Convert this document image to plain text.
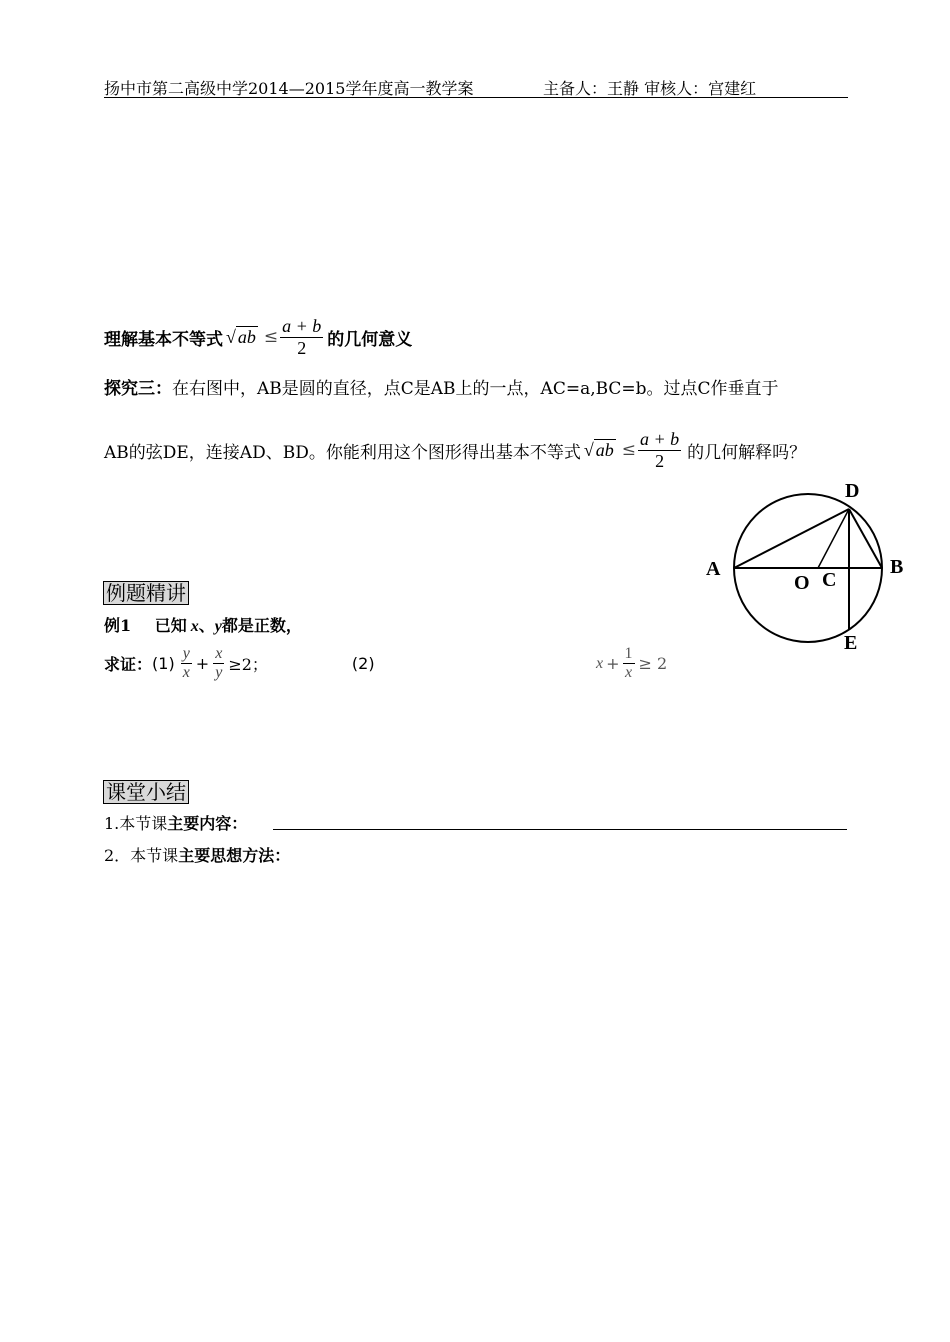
扬中市第二高级中学2014—2015学年度高一教学案	主备人：王静 审核人：宫建红
理解基本不等式 √ ab ≤ $\frac{a + b}{2}$ 的几何意义
探究三：在右图中，AB是圆的直径，点C是AB上的一点，AC=a,BC=b。过点C作垂直于
AB的弦DE，连接AD、BD。你能利用这个图形得出基本不等式 √ ab ≤ $\frac{a + b}{2}$ 的几何解释吗？
D
A	B
O C
E
例题精讲
例1 已知 x、y都是正数，
求证： $(1) \frac{y}{x} + \frac{x}{y} \ge 2$；	(2)	$x + \frac{1}{x} \ge 2$
课堂小结
1.本节课主要内容：
2．本节课主要思想方法：
